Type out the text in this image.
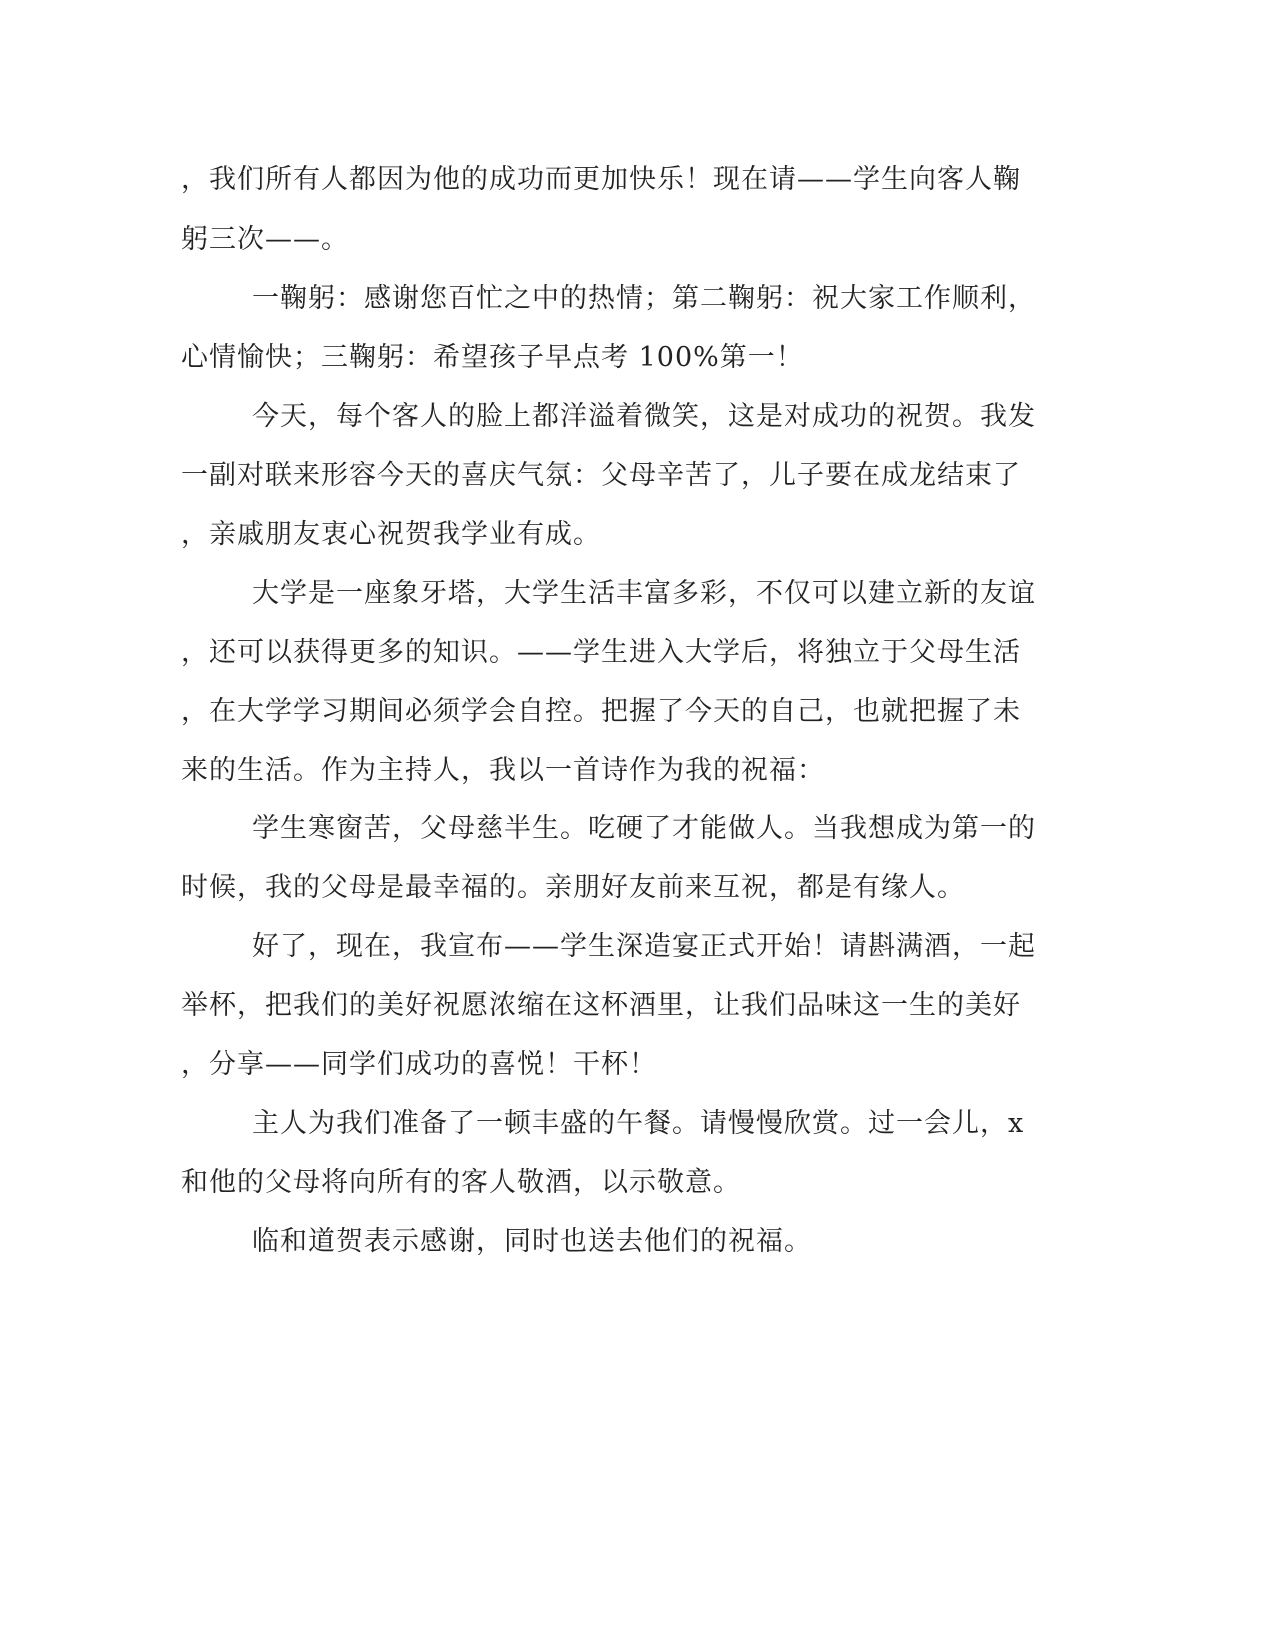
，我们所有人都因为他的成功而更加快乐！现在请——学生向客人鞠
躬三次——。
一鞠躬：感谢您百忙之中的热情；第二鞠躬：祝大家工作顺利，
心情愉快；三鞠躬：希望孩子早点考 100%第一！
今天，每个客人的脸上都洋溢着微笑，这是对成功的祝贺。我发
一副对联来形容今天的喜庆气氛：父母辛苦了，儿子要在成龙结束了
，亲戚朋友衷心祝贺我学业有成。
大学是一座象牙塔，大学生活丰富多彩，不仅可以建立新的友谊
，还可以获得更多的知识。——学生进入大学后，将独立于父母生活
，在大学学习期间必须学会自控。把握了今天的自己，也就把握了未
来的生活。作为主持人，我以一首诗作为我的祝福：
学生寒窗苦，父母慈半生。吃硬了才能做人。当我想成为第一的
时候，我的父母是最幸福的。亲朋好友前来互祝，都是有缘人。
好了，现在，我宣布——学生深造宴正式开始！请斟满酒，一起
举杯，把我们的美好祝愿浓缩在这杯酒里，让我们品味这一生的美好
，分享——同学们成功的喜悦！干杯！
主人为我们准备了一顿丰盛的午餐。请慢慢欣赏。过一会儿，x
和他的父母将向所有的客人敬酒，以示敬意。
临和道贺表示感谢，同时也送去他们的祝福。
